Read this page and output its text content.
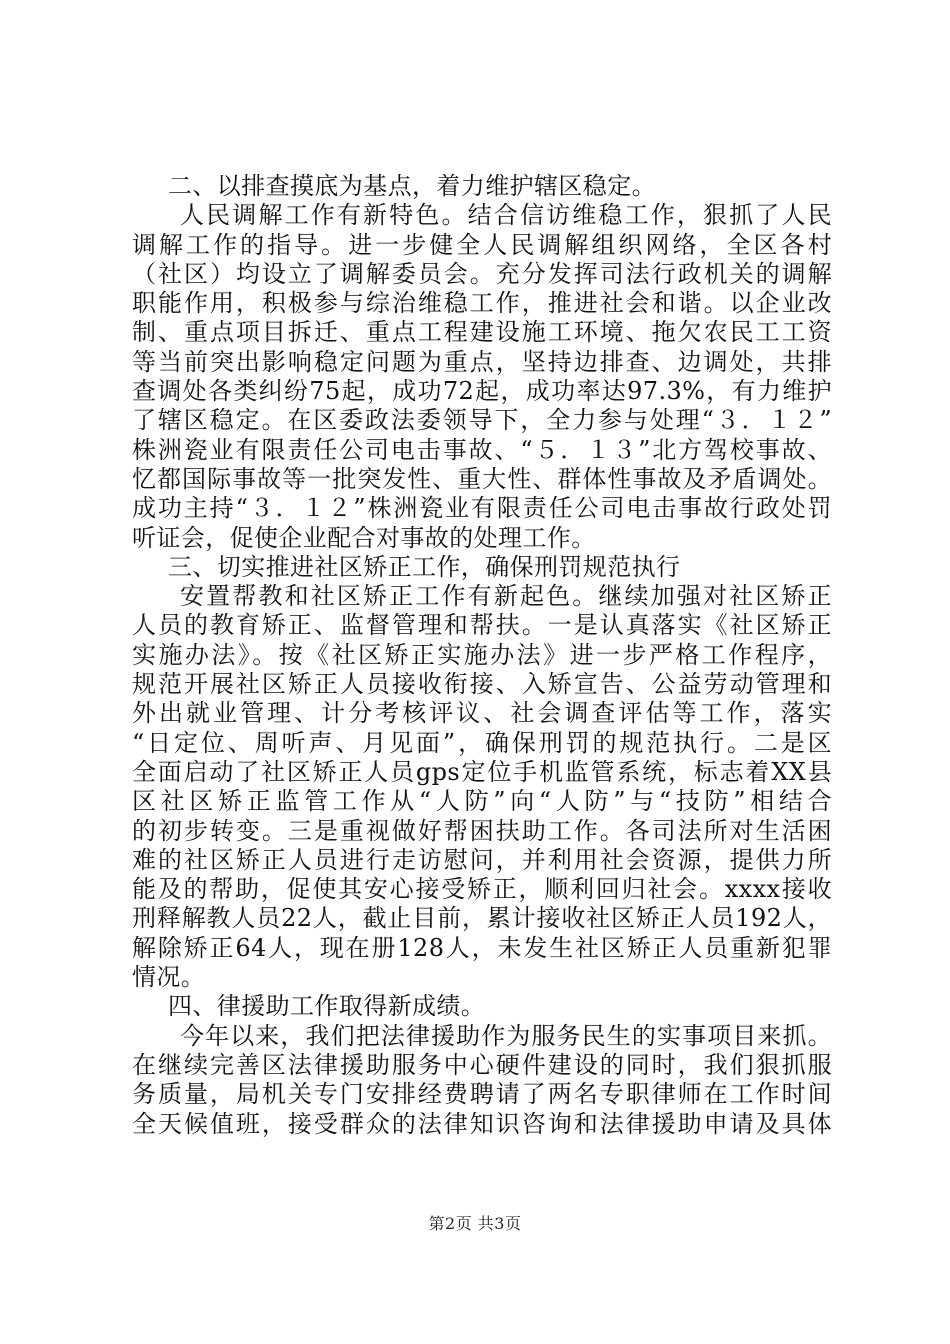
二、以排查摸底为基点，着力维护辖区稳定。
人民调解工作有新特色。结合信访维稳工作，狠抓了人民
调解工作的指导。进一步健全人民调解组织网络，全区各村
（社区）均设立了调解委员会。充分发挥司法行政机关的调解
职能作用，积极参与综治维稳工作，推进社会和谐。以企业改
制、重点项目拆迁、重点工程建设施工环境、拖欠农民工工资
等当前突出影响稳定问题为重点，坚持边排查、边调处，共排
查调处各类纠纷75起，成功72起，成功率达97.3%，有力维护
了辖区稳定。在区委政法委领导下，全力参与处理“３．１２”
株洲瓷业有限责任公司电击事故、“５．１３”北方驾校事故、
忆都国际事故等一批突发性、重大性、群体性事故及矛盾调处。
成功主持“３．１２”株洲瓷业有限责任公司电击事故行政处罚
听证会，促使企业配合对事故的处理工作。
三、切实推进社区矫正工作，确保刑罚规范执行
安置帮教和社区矫正工作有新起色。继续加强对社区矫正
人员的教育矫正、监督管理和帮扶。一是认真落实《社区矫正
实施办法》。按《社区矫正实施办法》进一步严格工作程序，
规范开展社区矫正人员接收衔接、入矫宣告、公益劳动管理和
外出就业管理、计分考核评议、社会调查评估等工作，落实
“日定位、周听声、月见面”，确保刑罚的规范执行。二是区
全面启动了社区矫正人员gps定位手机监管系统，标志着XX县
区社区矫正监管工作从“人防”向“人防”与“技防”相结合
的初步转变。三是重视做好帮困扶助工作。各司法所对生活困
难的社区矫正人员进行走访慰问，并利用社会资源，提供力所
能及的帮助，促使其安心接受矫正，顺利回归社会。xxxx接收
刑释解教人员22人，截止目前，累计接收社区矫正人员192人，
解除矫正64人，现在册128人，未发生社区矫正人员重新犯罪
情况。
四、律援助工作取得新成绩。
今年以来，我们把法律援助作为服务民生的实事项目来抓。
在继续完善区法律援助服务中心硬件建设的同时，我们狠抓服
务质量，局机关专门安排经费聘请了两名专职律师在工作时间
全天候值班，接受群众的法律知识咨询和法律援助申请及具体
第2页 共3页
